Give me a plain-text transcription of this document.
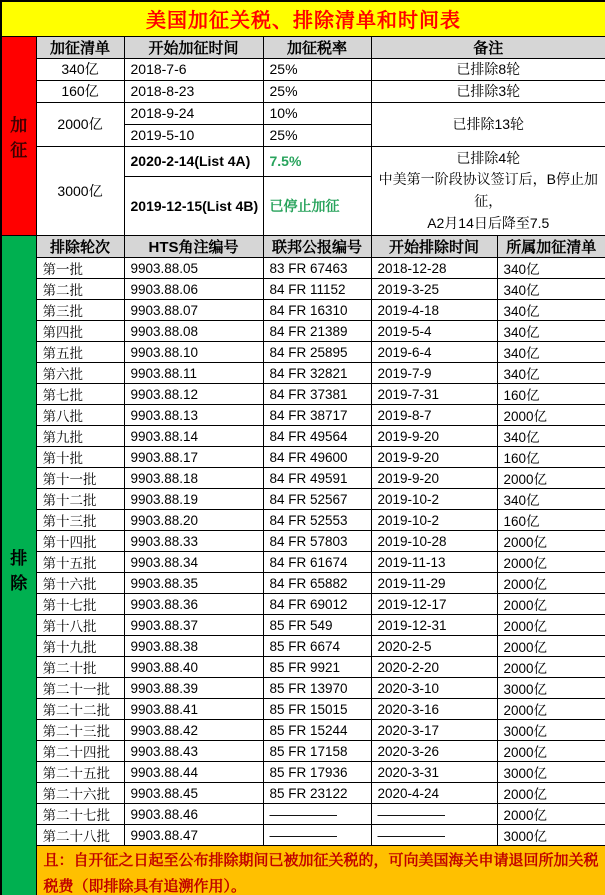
美国加征关税、排除清单和时间表					
加征	加征清单	开始加征时间	加征税率	备注	
	340亿	2018-7-6	25%	已排除8轮	
	160亿	2018-8-23	25%	已排除3轮	
	2000亿	2018-9-24	10%	已排除13轮	
		2019-5-10	25%		
	3000亿	2020-2-14(List 4A)	7.5%	已排除4轮
中美第一阶段协议签订后，B停止加征，
A2月14日后降至7.5	

		2019-12-15(List 4B)	已停止加征		
排除	排除轮次	HTS角注编号	联邦公报编号	开始排除时间	所属加征清单
	第一批	9903.88.05	83 FR 67463	2018-12-28	340亿
	第二批	9903.88.06	84 FR 11152	2019-3-25	340亿
	第三批	9903.88.07	84 FR 16310	2019-4-18	340亿
	第四批	9903.88.08	84 FR 21389	2019-5-4	340亿
	第五批	9903.88.10	84 FR 25895	2019-6-4	340亿
	第六批	9903.88.11	84 FR 32821	2019-7-9	340亿
	第七批	9903.88.12	84 FR 37381	2019-7-31	160亿
	第八批	9903.88.13	84 FR 38717	2019-8-7	2000亿
	第九批	9903.88.14	84 FR 49564	2019-9-20	340亿
	第十批	9903.88.17	84 FR 49600	2019-9-20	160亿
	第十一批	9903.88.18	84 FR 49591	2019-9-20	2000亿
	第十二批	9903.88.19	84 FR 52567	2019-10-2	340亿
	第十三批	9903.88.20	84 FR 52553	2019-10-2	160亿
	第十四批	9903.88.33	84 FR 57803	2019-10-28	2000亿
	第十五批	9903.88.34	84 FR 61674	2019-11-13	2000亿
	第十六批	9903.88.35	84 FR 65882	2019-11-29	2000亿
	第十七批	9903.88.36	84 FR 69012	2019-12-17	2000亿
	第十八批	9903.88.37	85 FR 549	2019-12-31	2000亿
	第十九批	9903.88.38	85 FR 6674	2020-2-5	2000亿
	第二十批	9903.88.40	85 FR 9921	2020-2-20	2000亿
	第二十一批	9903.88.39	85 FR 13970	2020-3-10	3000亿
	第二十二批	9903.88.41	85 FR 15015	2020-3-16	2000亿
	第二十三批	9903.88.42	85 FR 15244	2020-3-17	3000亿
	第二十四批	9903.88.43	85 FR 17158	2020-3-26	2000亿
	第二十五批	9903.88.44	85 FR 17936	2020-3-31	3000亿
	第二十六批	9903.88.45	85 FR 23122	2020-4-24	2000亿
	第二十七批	9903.88.46	—————	—————	2000亿
	第二十八批	9903.88.47	—————	—————	3000亿
	且：自开征之日起至公布排除期间已被加征关税的，可向美国海关申请退回所加关税税费（即排除具有追溯作用）。				
